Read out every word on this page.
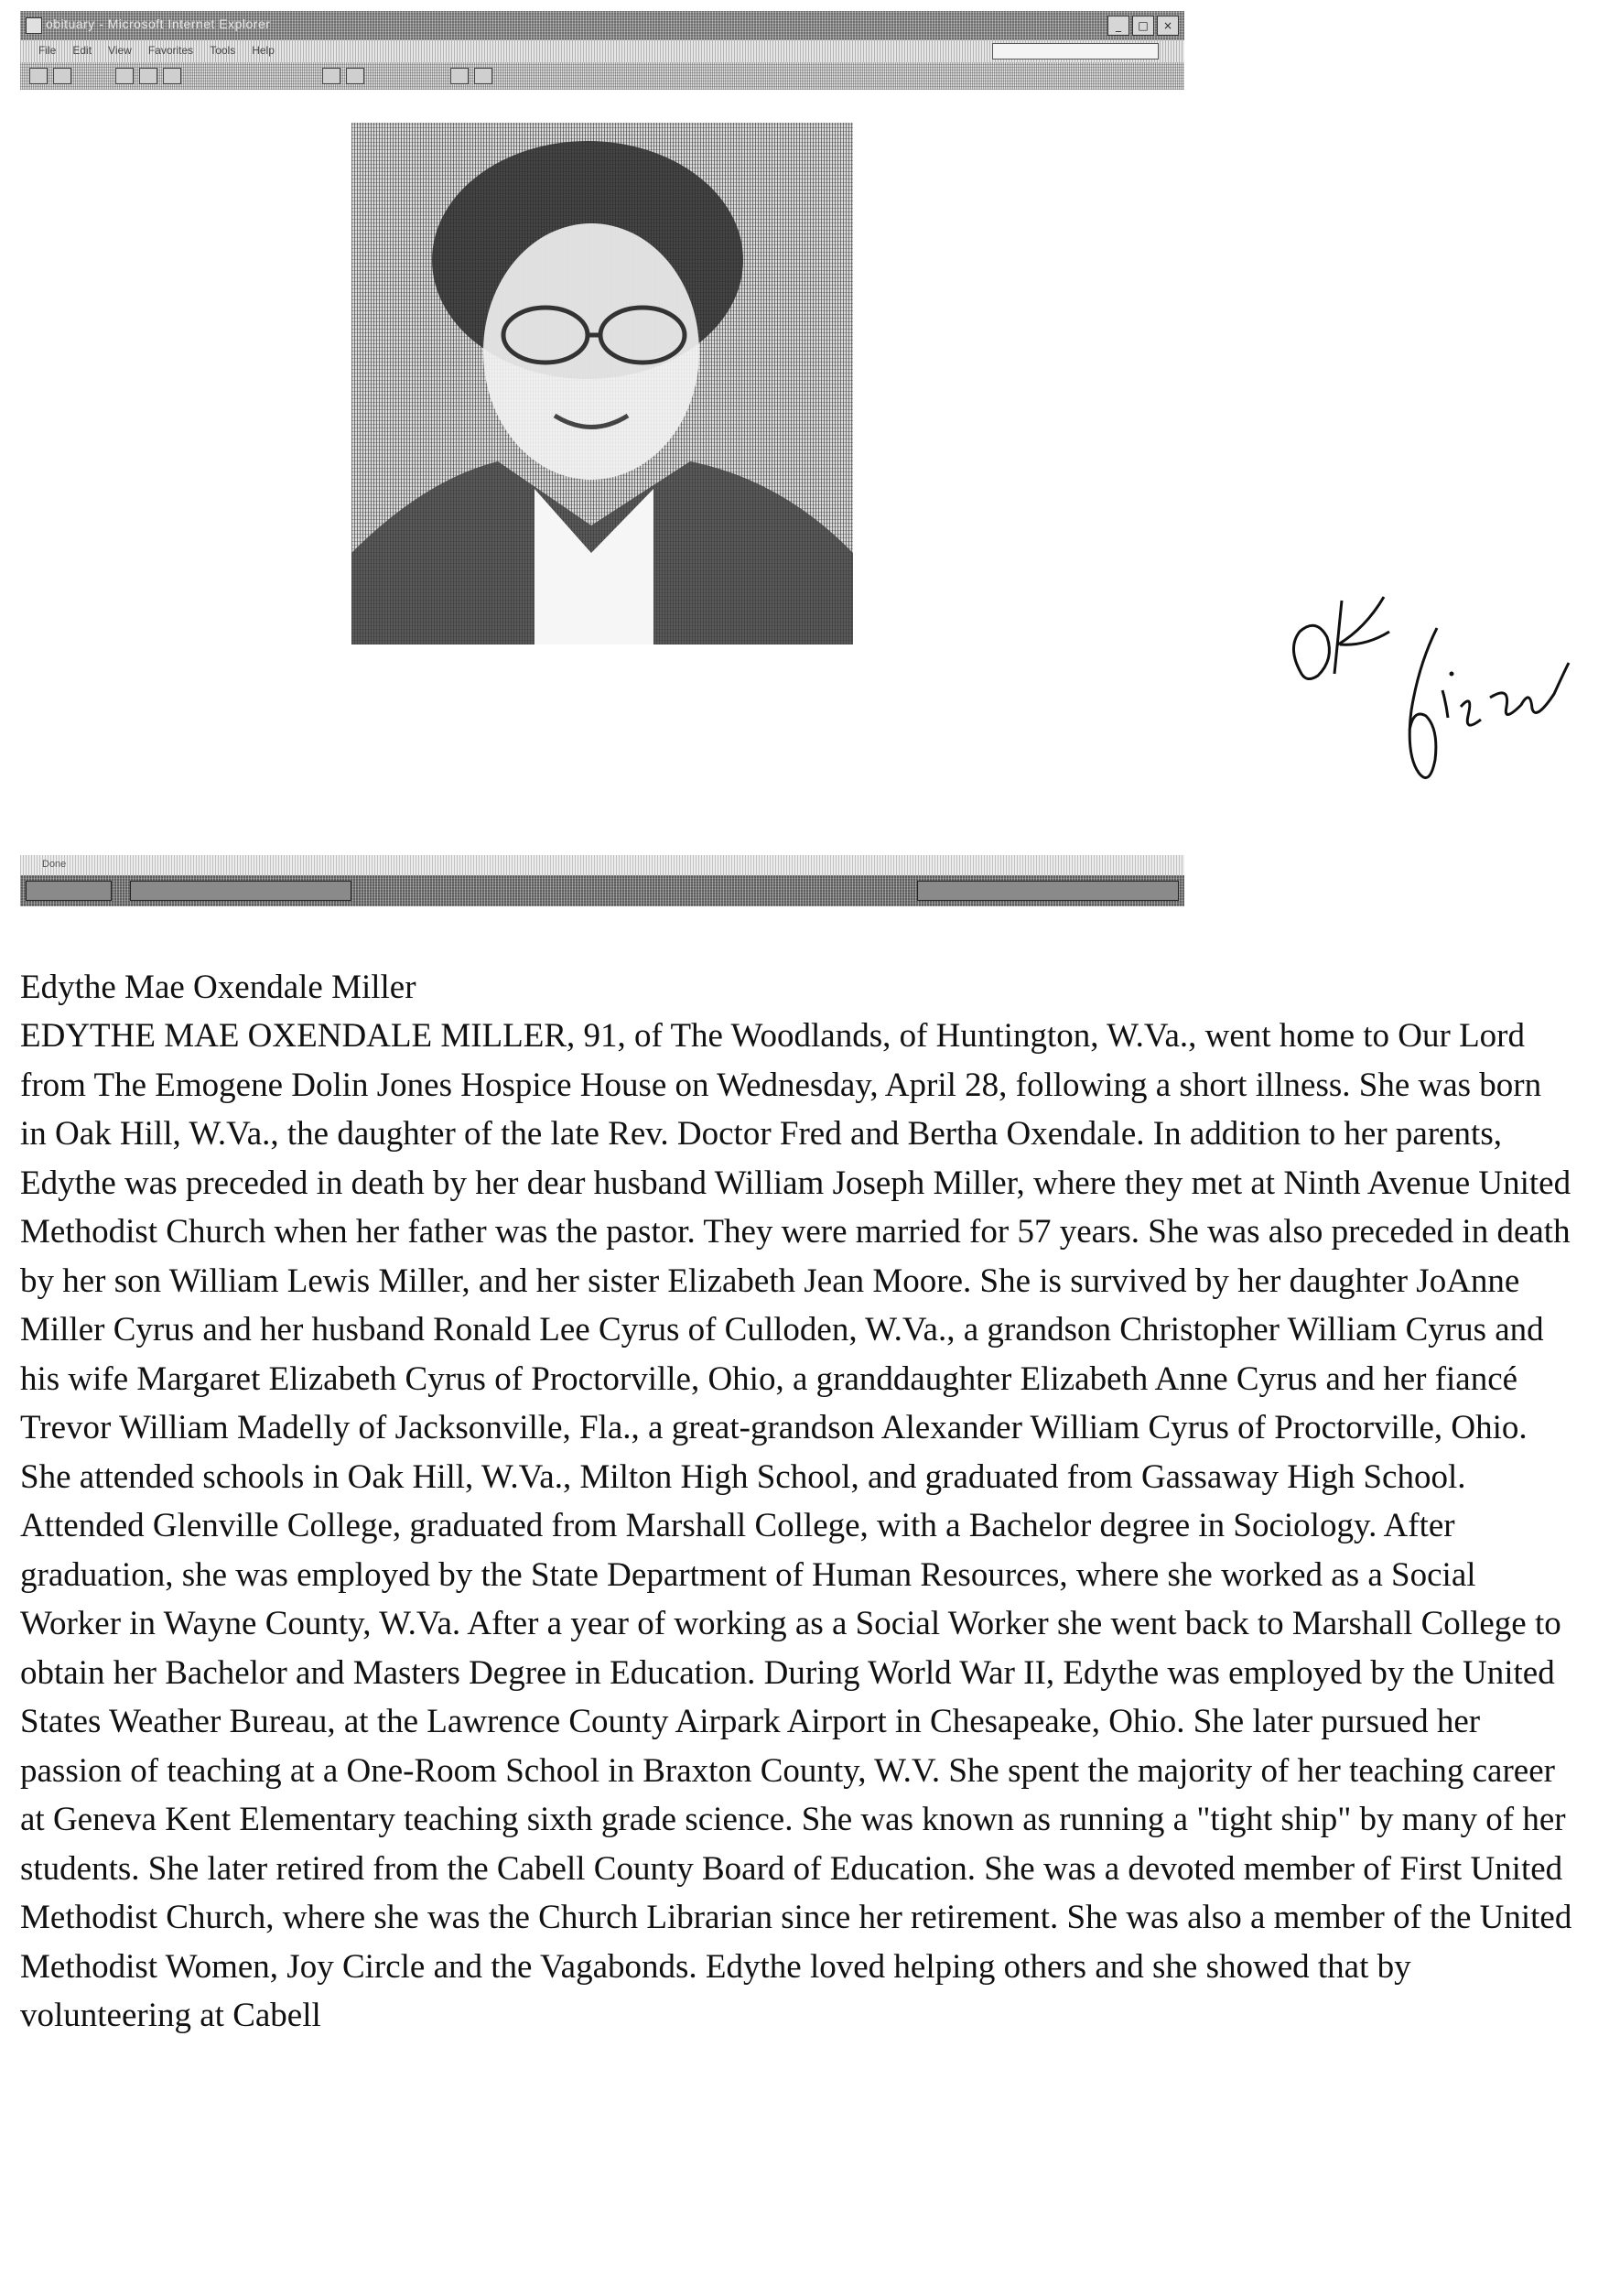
obituary - Microsoft Internet Explorer	_	□	×
File Edit View Favorites Tools Help
Done
Edythe Mae Oxendale Miller

EDYTHE MAE OXENDALE MILLER, 91, of The Woodlands, of Huntington, W.Va., went home to Our Lord from The Emogene Dolin Jones Hospice House on Wednesday, April 28, following a short illness. She was born in Oak Hill, W.Va., the daughter of the late Rev. Doctor Fred and Bertha Oxendale. In addition to her parents, Edythe was preceded in death by her dear husband William Joseph Miller, where they met at Ninth Avenue United Methodist Church when her father was the pastor. They were married for 57 years. She was also preceded in death by her son William Lewis Miller, and her sister Elizabeth Jean Moore. She is survived by her daughter JoAnne Miller Cyrus and her husband Ronald Lee Cyrus of Culloden, W.Va., a grandson Christopher William Cyrus and his wife Margaret Elizabeth Cyrus of Proctorville, Ohio, a granddaughter Elizabeth Anne Cyrus and her fiancé Trevor William Madelly of Jacksonville, Fla., a great-grandson Alexander William Cyrus of Proctorville, Ohio. She attended schools in Oak Hill, W.Va., Milton High School, and graduated from Gassaway High School. Attended Glenville College, graduated from Marshall College, with a Bachelor degree in Sociology. After graduation, she was employed by the State Department of Human Resources, where she worked as a Social Worker in Wayne County, W.Va. After a year of working as a Social Worker she went back to Marshall College to obtain her Bachelor and Masters Degree in Education. During World War II, Edythe was employed by the United States Weather Bureau, at the Lawrence County Airpark Airport in Chesapeake, Ohio. She later pursued her passion of teaching at a One-Room School in Braxton County, W.V. She spent the majority of her teaching career at Geneva Kent Elementary teaching sixth grade science. She was known as running a "tight ship" by many of her students. She later retired from the Cabell County Board of Education. She was a devoted member of First United Methodist Church, where she was the Church Librarian since her retirement. She was also a member of the United Methodist Women, Joy Circle and the Vagabonds. Edythe loved helping others and she showed that by volunteering at Cabell
